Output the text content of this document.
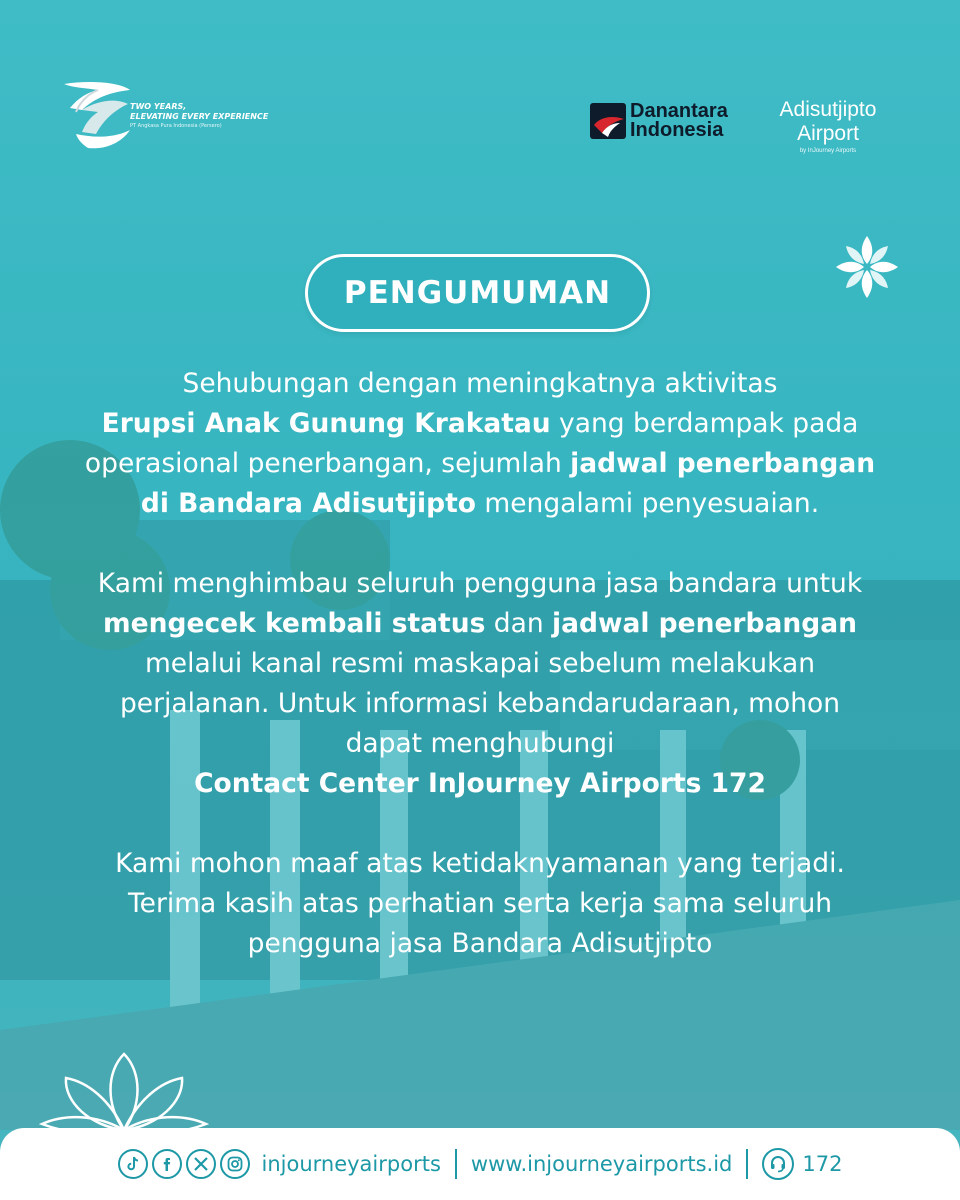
TWO YEARS,
ELEVATING EVERY EXPERIENCE
PT Angkasa Pura Indonesia (Persero)
Danantara
Indonesia
Adisutjipto
Airport
by InJourney Airports
PENGUMUMAN
Sehubungan dengan meningkatnya aktivitas
Erupsi Anak Gunung Krakatau yang berdampak pada
operasional penerbangan, sejumlah jadwal penerbangan
di Bandara Adisutjipto mengalami penyesuaian.
Kami menghimbau seluruh pengguna jasa bandara untuk
mengecek kembali status dan jadwal penerbangan
melalui kanal resmi maskapai sebelum melakukan
perjalanan. Untuk informasi kebandarudaraan, mohon
dapat menghubungi
Contact Center InJourney Airports 172
Kami mohon maaf atas ketidaknyamanan yang terjadi.
Terima kasih atas perhatian serta kerja sama seluruh
pengguna jasa Bandara Adisutjipto
injourneyairports www.injourneyairports.id	172
